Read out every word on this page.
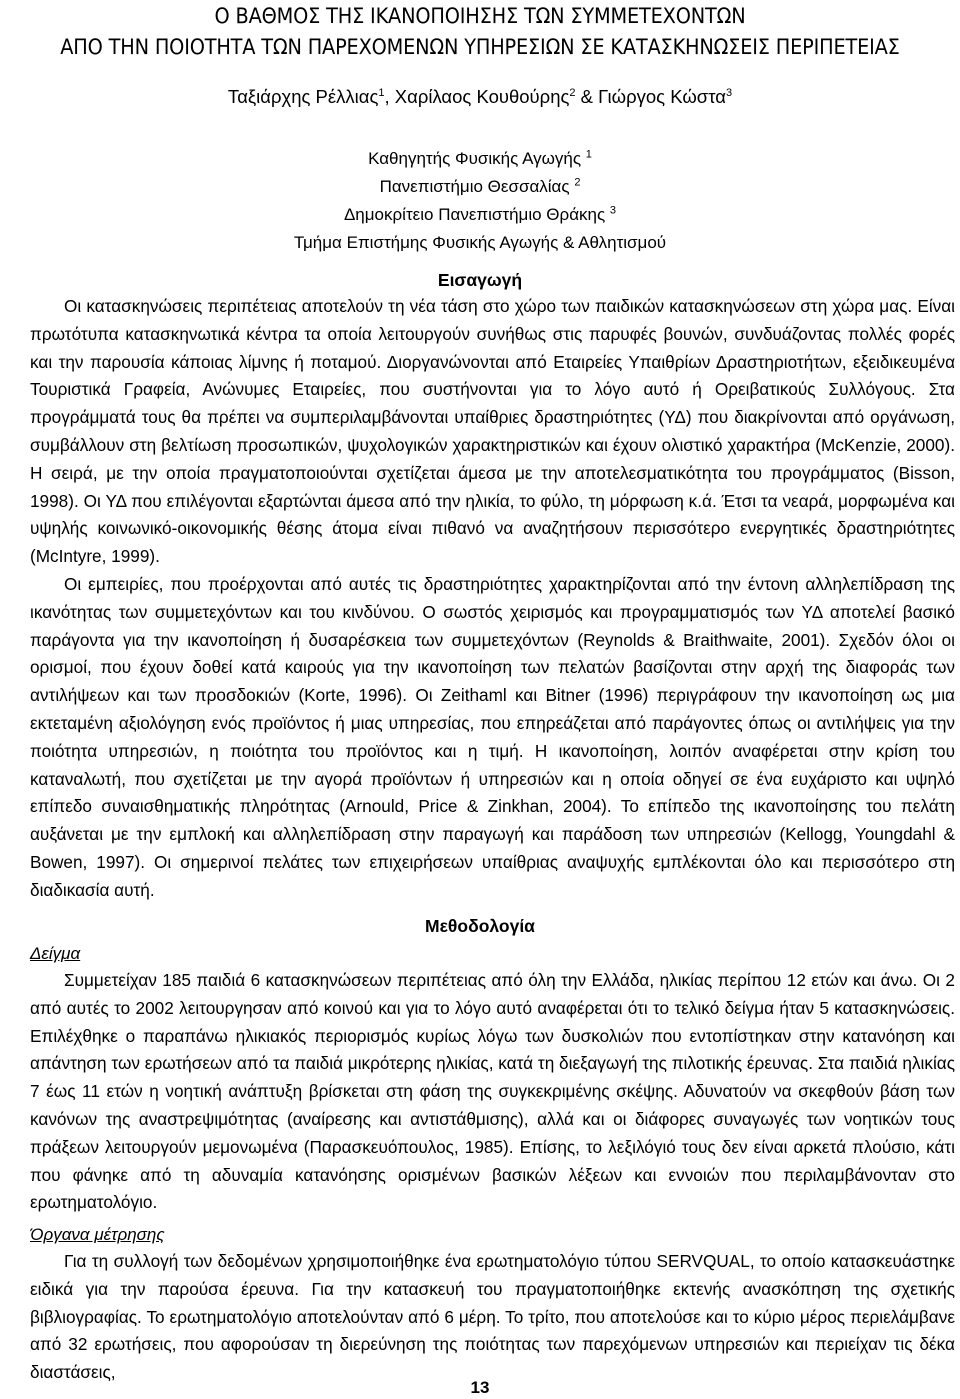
Ο ΒΑΘΜΟΣ ΤΗΣ ΙΚΑΝΟΠΟΙΗΣΗΣ ΤΩΝ ΣΥΜΜΕΤΕΧΟΝΤΩΝ
ΑΠΟ ΤΗΝ ΠΟΙΟΤΗΤΑ ΤΩΝ ΠΑΡΕΧΟΜΕΝΩΝ ΥΠΗΡΕΣΙΩΝ ΣΕ ΚΑΤΑΣΚΗΝΩΣΕΙΣ ΠΕΡΙΠΕΤΕΙΑΣ
Ταξιάρχης Ρέλλιας$^1$, Χαρίλαος Κουθούρης$^2$ & Γιώργος Κώστα$^3$
Καθηγητής Φυσικής Αγωγής $^1$
Πανεπιστήμιο Θεσσαλίας $^2$
Δημοκρίτειο Πανεπιστήμιο Θράκης $^3$
Τμήμα Επιστήμης Φυσικής Αγωγής & Αθλητισμού
Εισαγωγή

Οι κατασκηνώσεις περιπέτειας αποτελούν τη νέα τάση στο χώρο των παιδικών κατασκηνώσεων στη χώρα μας. Είναι πρωτότυπα κατασκηνωτικά κέντρα τα οποία λειτουργούν συνήθως στις παρυφές βουνών, συνδυάζοντας πολλές φορές και την παρουσία κάποιας λίμνης ή ποταμού. Διοργανώνονται από Εταιρείες Υπαιθρίων Δραστηριοτήτων, εξειδικευμένα Τουριστικά Γραφεία, Ανώνυμες Εταιρείες, που συστήνονται για το λόγο αυτό ή Ορειβατικούς Συλλόγους. Στα προγράμματά τους θα πρέπει να συμπεριλαμβάνονται υπαίθριες δραστηριότητες (ΥΔ) που διακρίνονται από οργάνωση, συμβάλλουν στη βελτίωση προσωπικών, ψυχολογικών χαρακτηριστικών και έχουν ολιστικό χαρακτήρα (McKenzie, 2000). Η σειρά, με την οποία πραγματοποιούνται σχετίζεται άμεσα με την αποτελεσματικότητα του προγράμματος (Bisson, 1998). Οι ΥΔ που επιλέγονται εξαρτώνται άμεσα από την ηλικία, το φύλο, τη μόρφωση κ.ά. Έτσι τα νεαρά, μορφωμένα και υψηλής κοινωνικό-οικονομικής θέσης άτομα είναι πιθανό να αναζητήσουν περισσότερο ενεργητικές δραστηριότητες (McIntyre, 1999).

Οι εμπειρίες, που προέρχονται από αυτές τις δραστηριότητες χαρακτηρίζονται από την έντονη αλληλεπίδραση της ικανότητας των συμμετεχόντων και του κινδύνου. Ο σωστός χειρισμός και προγραμματισμός των ΥΔ αποτελεί βασικό παράγοντα για την ικανοποίηση ή δυσαρέσκεια των συμμετεχόντων (Reynolds & Braithwaite, 2001). Σχεδόν όλοι οι ορισμοί, που έχουν δοθεί κατά καιρούς για την ικανοποίηση των πελατών βασίζονται στην αρχή της διαφοράς των αντιλήψεων και των προσδοκιών (Korte, 1996). Οι Zeithaml και Bitner (1996) περιγράφουν την ικανοποίηση ως μια εκτεταμένη αξιολόγηση ενός προϊόντος ή μιας υπηρεσίας, που επηρεάζεται από παράγοντες όπως οι αντιλήψεις για την ποιότητα υπηρεσιών, η ποιότητα του προϊόντος και η τιμή. Η ικανοποίηση, λοιπόν αναφέρεται στην κρίση του καταναλωτή, που σχετίζεται με την αγορά προϊόντων ή υπηρεσιών και η οποία οδηγεί σε ένα ευχάριστο και υψηλό επίπεδο συναισθηματικής πληρότητας (Arnould, Price & Zinkhan, 2004). Το επίπεδο της ικανοποίησης του πελάτη αυξάνεται με την εμπλοκή και αλληλεπίδραση στην παραγωγή και παράδοση των υπηρεσιών (Kellogg, Youngdahl & Bowen, 1997). Οι σημερινοί πελάτες των επιχειρήσεων υπαίθριας αναψυχής εμπλέκονται όλο και περισσότερο στη διαδικασία αυτή.

Μεθοδολογία
Δείγμα

Συμμετείχαν 185 παιδιά 6 κατασκηνώσεων περιπέτειας από όλη την Ελλάδα, ηλικίας περίπου 12 ετών και άνω. Οι 2 από αυτές το 2002 λειτουργησαν από κοινού και για το λόγο αυτό αναφέρεται ότι το τελικό δείγμα ήταν 5 κατασκηνώσεις. Επιλέχθηκε ο παραπάνω ηλικιακός περιορισμός κυρίως λόγω των δυσκολιών που εντοπίστηκαν στην κατανόηση και απάντηση των ερωτήσεων από τα παιδιά μικρότερης ηλικίας, κατά τη διεξαγωγή της πιλοτικής έρευνας. Στα παιδιά ηλικίας 7 έως 11 ετών η νοητική ανάπτυξη βρίσκεται στη φάση της συγκεκριμένης σκέψης. Αδυνατούν να σκεφθούν βάση των κανόνων της αναστρεψιμότητας (αναίρεσης και αντιστάθμισης), αλλά και οι διάφορες συναγωγές των νοητικών τους πράξεων λειτουργούν μεμονωμένα (Παρασκευόπουλος, 1985). Επίσης, το λεξιλόγιό τους δεν είναι αρκετά πλούσιο, κάτι που φάνηκε από τη αδυναμία κατανόησης ορισμένων βασικών λέξεων και εννοιών που περιλαμβάνονταν στο ερωτηματολόγιο.

Όργανα μέτρησης

Για τη συλλογή των δεδομένων χρησιμοποιήθηκε ένα ερωτηματολόγιο τύπου SERVQUAL, το οποίο κατασκευάστηκε ειδικά για την παρούσα έρευνα. Για την κατασκευή του πραγματοποιήθηκε εκτενής ανασκόπηση της σχετικής βιβλιογραφίας. Το ερωτηματολόγιο αποτελούνταν από 6 μέρη. Το τρίτο, που αποτελούσε και το κύριο μέρος περιελάμβανε από 32 ερωτήσεις, που αφορούσαν τη διερεύνηση της ποιότητας των παρεχόμενων υπηρεσιών και περιείχαν τις δέκα διαστάσεις,

13
